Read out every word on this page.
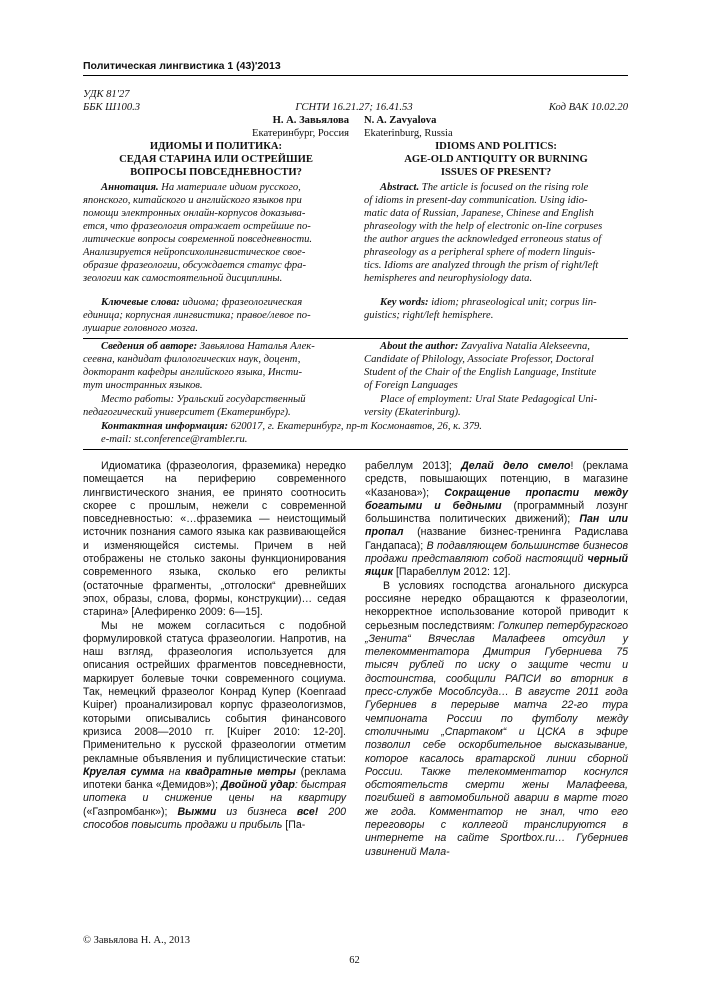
Политическая лингвистика 1 (43)'2013
УДК 81'27
ББК Ш100.3	ГСНТИ 16.21.27; 16.41.53	Код ВАК 10.02.20
Н. А. Завьялова
Екатеринбург, Россия
ИДИОМЫ И ПОЛИТИКА:
СЕДАЯ СТАРИНА ИЛИ ОСТРЕЙШИЕ
ВОПРОСЫ ПОВСЕДНЕВНОСТИ?
N. A. Zavyalova
Ekaterinburg, Russia
IDIOMS AND POLITICS:
AGE-OLD ANTIQUITY OR BURNING
ISSUES OF PRESENT?
Аннотация. На материале идиом русского,
японского, китайского и английского языков при
помощи электронных онлайн-корпусов доказыва-
ется, что фразеология отражает острейшие по-
литические вопросы современной повседневности.
Анализируется нейропсихолингвистическое свое-
образие фразеологии, обсуждается статус фра-
зеологии как самостоятельной дисциплины.
Ключевые слова: идиома; фразеологическая
единица; корпусная лингвистика; правое/левое по-
лушарие головного мозга.
Abstract. The article is focused on the rising role
of idioms in present-day communication. Using idio-
matic data of Russian, Japanese, Chinese and English
phraseology with the help of electronic on-line corpuses
the author argues the acknowledged erroneous status of
phraseology as a peripheral sphere of modern linguis-
tics. Idioms are analyzed through the prism of right/left
hemispheres and neurophysiology data.
Key words: idiom; phraseological unit; corpus lin-
guistics; right/left hemisphere.
Сведения об авторе: Завьялова Наталья Алек-
сеевна, кандидат филологических наук, доцент,
докторант кафедры английского языка, Инсти-
тут иностранных языков.
Место работы: Уральский государственный
педагогический университет (Екатеринбург).
About the author: Zavyaliva Natalia Alekseevna,
Candidate of Philology, Associate Professor, Doctoral
Student of the Chair of the English Language, Institute
of Foreign Languages
Place of employment: Ural State Pedagogical Uni-
versity (Ekaterinburg).
Контактная информация: 620017, г. Екатеринбург, пр-т Космонавтов, 26, к. 379.
e-mail: st.conference@rambler.ru.

Идиоматика (фразеология, фраземика) нередко помещается на периферию современного лингвистического знания, ее принято соотносить скорее с прошлым, нежели с современной повседневностью: «…фраземика — неистощимый источник познания самого языка как развивающейся и изменяющейся системы. Причем в ней отображены не столько законы функционирования современного языка, сколько его реликты (остаточные фрагменты, „отголоски“ древнейших эпох, образы, слова, формы, конструкции)… седая старина» [Алефиренко 2009: 6—15].

Мы не можем согласиться с подобной формулировкой статуса фразеологии. Напротив, на наш взгляд, фразеология используется для описания острейших фрагментов повседневности, маркирует болевые точки современного социума. Так, немецкий фразеолог Конрад Купер (Koenraad Kuiper) проанализировал корпус фразеологизмов, которыми описывались события финансового кризиса 2008—2010 гг. [Kuiper 2010: 12-20]. Применительно к русской фразеологии отметим рекламные объявления и публицистические статьи: Круглая сумма на квадратные метры (реклама ипотеки банка «Демидов»); Двойной удар: быстрая ипотека и снижение цены на квартиру («Газпромбанк»); Выжми из бизнеса все! 200 способов повысить продажи и прибыль [Па-

рабеллум 2013]; Делай дело смело! (реклама средств, повышающих потенцию, в магазине «Казанова»); Сокращение пропасти между богатыми и бедными (программный лозунг большинства политических движений); Пан или пропал (название бизнес-тренинга Радислава Гандапаса); В подавляющем большинстве бизнесов продажи представляют собой настоящий черный ящик [Парабеллум 2012: 12].

В условиях господства агонального дискурса россияне нередко обращаются к фразеологии, некорректное использование которой приводит к серьезным последствиям: Голкипер петербургского „Зенита“ Вячеслав Малафеев отсудил у телекомментатора Дмитрия Губерниева 75 тысяч рублей по иску о защите чести и достоинства, сообщили РАПСИ во вторник в пресс-службе Мособлсуда… В августе 2011 года Губерниев в перерыве матча 22-го тура чемпионата России по футболу между столичными „Спартаком“ и ЦСКА в эфире позволил себе оскорбительное высказывание, которое касалось вратарской линии сборной России. Также телекомментатор коснулся обстоятельств смерти жены Малафеева, погибшей в автомобильной аварии в марте того же года. Комментатор не знал, что его переговоры с коллегой транслируются в интернете на сайте Sportbox.ru… Губерниев извинений Мала-

© Завьялова Н. А., 2013
62
